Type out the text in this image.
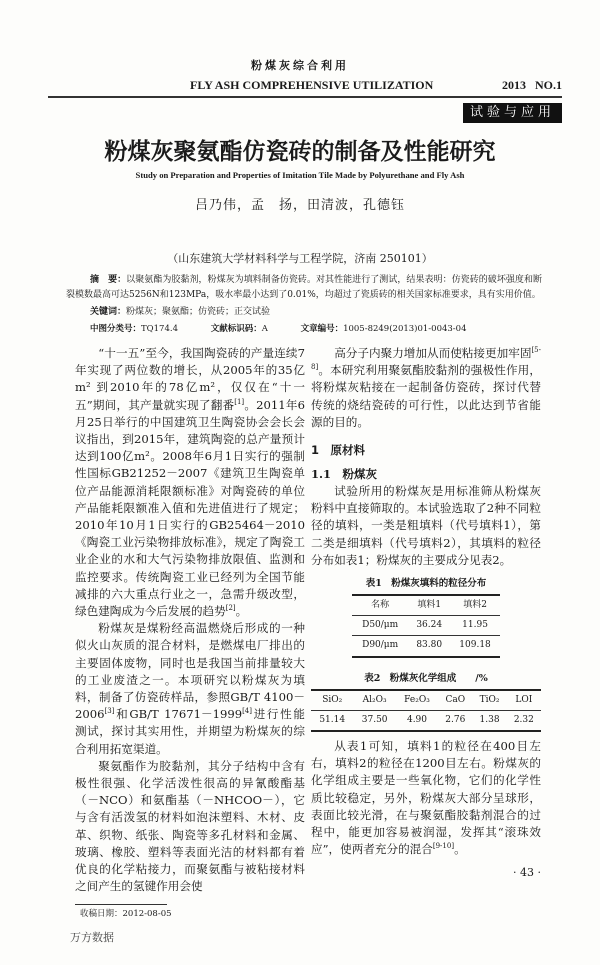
粉煤灰综合利用
FLY ASH COMPREHENSIVE UTILIZATION	2013 NO.1
试验与应用
粉煤灰聚氨酯仿瓷砖的制备及性能研究
Study on Preparation and Properties of Imitation Tile Made by Polyurethane and Fly Ash
吕乃伟，孟　扬，田清波，孔德钰
（山东建筑大学材料科学与工程学院，济南 250101）
摘　要：以聚氨酯为胶黏剂，粉煤灰为填料制备仿瓷砖。对其性能进行了测试，结果表明：仿瓷砖的破坏强度和断裂模数最高可达5256N和123MPa，吸水率最小达到了0.01%，均超过了瓷质砖的相关国家标准要求，具有实用价值。
关键词：粉煤灰；聚氨酯；仿瓷砖；正交试验
中图分类号：TQ174.4	文献标识码：A	文章编号：1005-8249(2013)01-0043-04

“十一五”至今，我国陶瓷砖的产量连续7年实现了两位数的增长，从2005年的35亿m² 到2010年的78亿m²，仅仅在“十一五”期间，其产量就实现了翻番[1]。2011年6月25日举行的中国建筑卫生陶瓷协会会长会议指出，到2015年，建筑陶瓷的总产量预计达到100亿m²。2008年6月1日实行的强制性国标GB21252－2007《建筑卫生陶瓷单位产品能源消耗限额标准》对陶瓷砖的单位产品能耗限额准入值和先进值进行了规定；2010年10月1日实行的GB25464－2010《陶瓷工业污染物排放标准》，规定了陶瓷工业企业的水和大气污染物排放限值、监测和监控要求。传统陶瓷工业已经列为全国节能减排的六大重点行业之一，急需升级改型，绿色建陶成为今后发展的趋势[2]。

粉煤灰是煤粉经高温燃烧后形成的一种似火山灰质的混合材料，是燃煤电厂排出的主要固体废物，同时也是我国当前排量较大的工业废渣之一。本项研究以粉煤灰为填料，制备了仿瓷砖样品，参照GB/T 4100－2006[3]和GB/T 17671－1999[4]进行性能测试，探讨其实用性，并期望为粉煤灰的综合利用拓宽渠道。

聚氨酯作为胶黏剂，其分子结构中含有极性很强、化学活泼性很高的异氰酸酯基（－NCO）和氨酯基（－NHCOO－），它与含有活泼氢的材料如泡沫塑料、木材、皮革、织物、纸张、陶瓷等多孔材料和金属、玻璃、橡胶、塑料等表面光洁的材料都有着优良的化学粘接力，而聚氨酯与被粘接材料之间产生的氢键作用会使

收稿日期：2012-08-05

高分子内聚力增加从而使粘接更加牢固[5-8]。本研究利用聚氨酯胶黏剂的强极性作用，将粉煤灰粘接在一起制备仿瓷砖，探讨代替传统的烧结瓷砖的可行性，以此达到节省能源的目的。

1　原材料
1.1　粉煤灰

试验所用的粉煤灰是用标准筛从粉煤灰粉料中直接筛取的。本试验选取了2种不同粒径的填料，一类是粗填料（代号填料1），第二类是细填料（代号填料2），其填料的粒径分布如表1；粉煤灰的主要成分见表2。

表1　粉煤灰填料的粒径分布
名称	填料1	填料2
D50/μm	36.24	11.95
D90/μm	83.80	109.18
表2　粉煤灰化学组成　　/%
SiO₂	Al₂O₃	Fe₂O₃	CaO	TiO₂	LOI
51.14	37.50	4.90	2.76	1.38	2.32

从表1可知，填料1的粒径在400目左右，填料2的粒径在1200目左右。粉煤灰的化学组成主要是一些氧化物，它们的化学性质比较稳定，另外，粉煤灰大部分呈球形，表面比较光滑，在与聚氨酯胶黏剂混合的过程中，能更加容易被润湿，发挥其“滚珠效应”，使两者充分的混合[9-10]。

· 43 ·
万方数据
